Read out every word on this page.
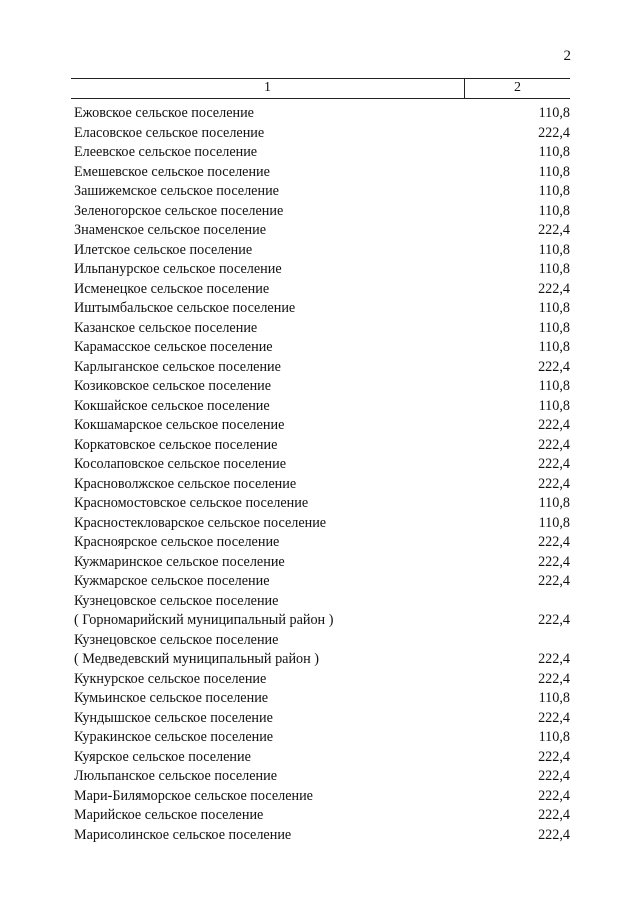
2
1	2
Ежовское сельское поселение	110,8
Еласовское сельское поселение	222,4
Елеевское сельское поселение	110,8
Емешевское сельское поселение	110,8
Зашижемское сельское поселение	110,8
Зеленогорское сельское поселение	110,8
Знаменское сельское поселение	222,4
Илетское сельское поселение	110,8
Ильпанурское сельское поселение	110,8
Исменецкое сельское поселение	222,4
Иштымбальское сельское поселение	110,8
Казанское сельское поселение	110,8
Карамасское сельское поселение	110,8
Карлыганское сельское поселение	222,4
Козиковское сельское поселение	110,8
Кокшайское сельское поселение	110,8
Кокшамарское сельское поселение	222,4
Коркатовское сельское поселение	222,4
Косолаповское сельское поселение	222,4
Красноволжское сельское поселение	222,4
Красномостовское сельское поселение	110,8
Красностекловарское сельское поселение	110,8
Красноярское сельское поселение	222,4
Кужмаринское сельское поселение	222,4
Кужмарское сельское поселение	222,4
Кузнецовское сельское поселение
( Горномарийский муниципальный район )	222,4
Кузнецовское сельское поселение
( Медведевский муниципальный район )	222,4
Кукнурское сельское поселение	222,4
Кумьинское сельское поселение	110,8
Кундышское сельское поселение	222,4
Куракинское сельское поселение	110,8
Куярское сельское поселение	222,4
Люльпанское сельское поселение	222,4
Мари-Биляморское сельское поселение	222,4
Марийское сельское поселение	222,4
Марисолинское сельское поселение	222,4
